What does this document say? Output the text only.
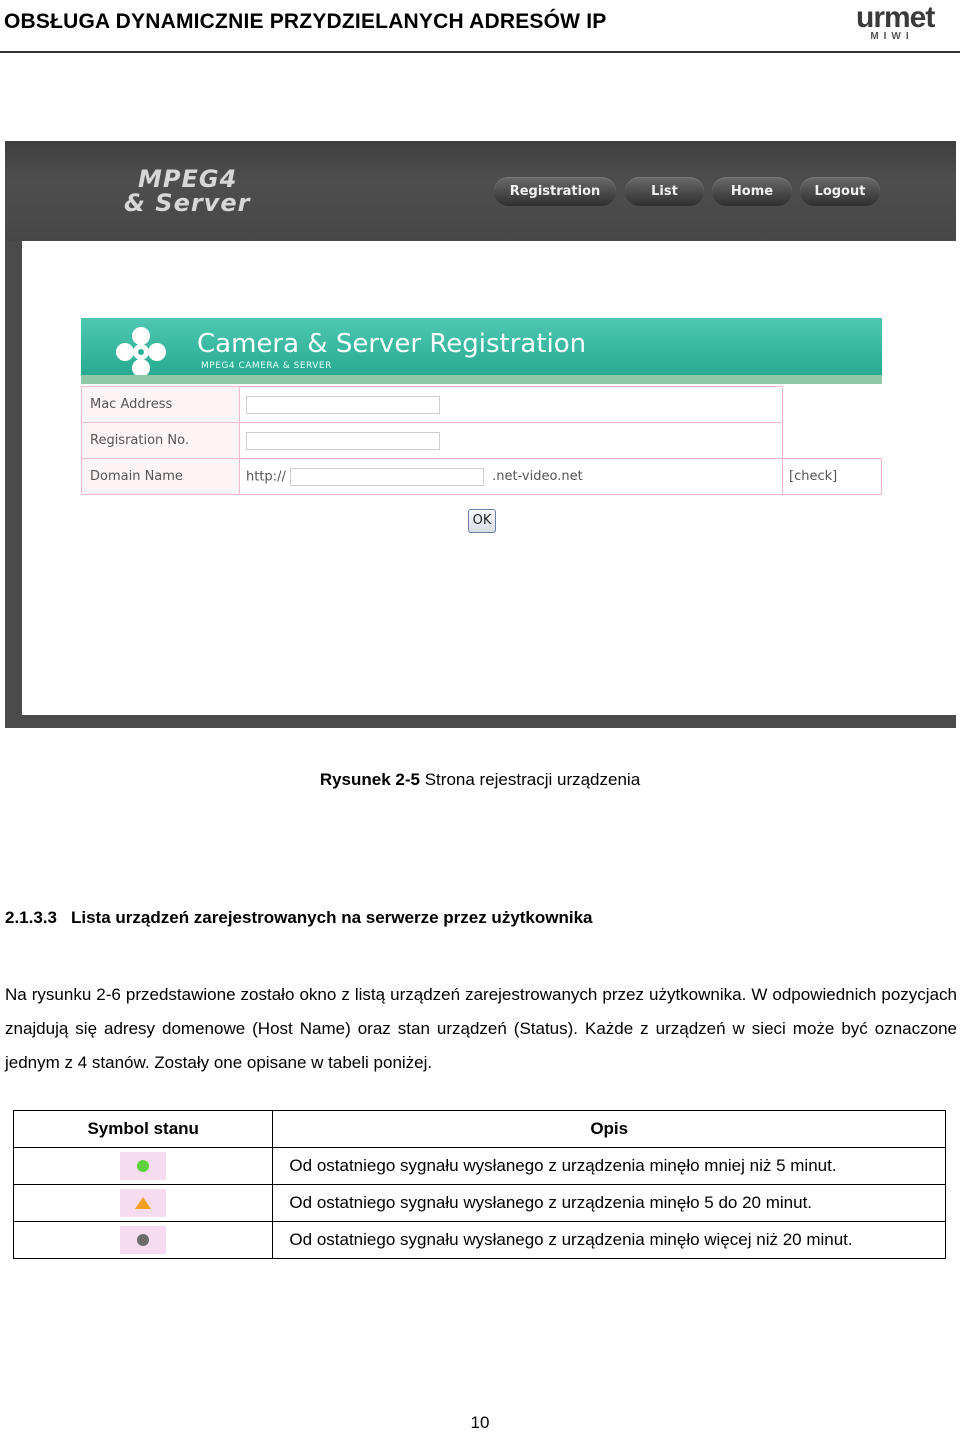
OBSŁUGA DYNAMICZNIE PRZYDZIELANYCH ADRESÓW IP	urmet
MIWI
MPEG4
& Server	Registration	List	Home	Logout
Camera & Server Registration
MPEG4 CAMERA & SERVER
Mac Address		
Regisration No.		
Domain Name	http:// .net-video.net	[check]
OK
Rysunek 2-5 Strona rejestracji urządzenia
2.1.3.3 Lista urządzeń zarejestrowanych na serwerze przez użytkownika
Na rysunku 2-6 przedstawione zostało okno z listą urządzeń zarejestrowanych przez użytkownika. W odpowiednich pozycjach znajdują się adresy domenowe (Host Name) oraz stan urządzeń (Status). Każde z urządzeń w sieci może być oznaczone jednym z 4 stanów. Zostały one opisane w tabeli poniżej.
Symbol stanu	Opis

	Od ostatniego sygnału wysłanego z urządzenia minęło mniej niż 5 minut.

	Od ostatniego sygnału wysłanego z urządzenia minęło 5 do 20 minut.

	Od ostatniego sygnału wysłanego z urządzenia minęło więcej niż 20 minut.
10
